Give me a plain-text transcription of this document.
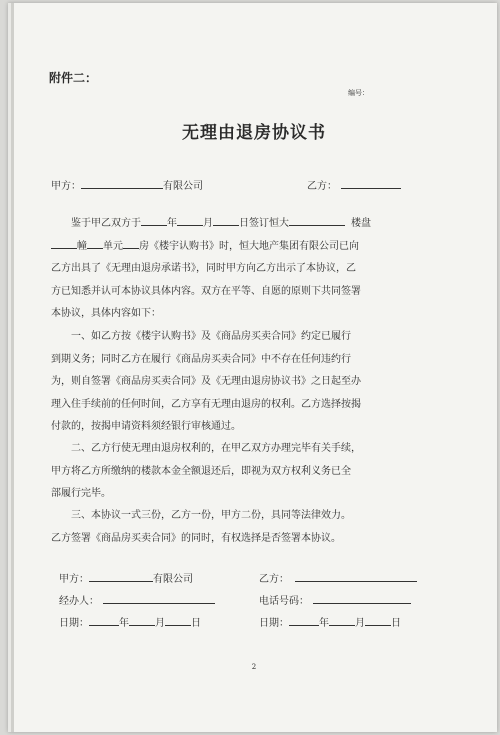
附件二：
编号：
无理由退房协议书
甲方：	有限公司	乙方：
鉴于甲乙双方于	年	月	日签订恒大	楼盘
幢 单元 房《楼宇认购书》时，恒大地产集团有限公司已向
乙方出具了《无理由退房承诺书》，同时甲方向乙方出示了本协议，乙
方已知悉并认可本协议具体内容。双方在平等、自愿的原则下共同签署
本协议，具体内容如下：
一、如乙方按《楼宇认购书》及《商品房买卖合同》约定已履行
到期义务；同时乙方在履行《商品房买卖合同》中不存在任何违约行
为，则自签署《商品房买卖合同》及《无理由退房协议书》之日起至办
理入住手续前的任何时间，乙方享有无理由退房的权利。乙方选择按揭
付款的，按揭申请资料须经银行审核通过。
二、乙方行使无理由退房权利的，在甲乙双方办理完毕有关手续，
甲方将乙方所缴纳的楼款本金全额退还后，即视为双方权利义务已全
部履行完毕。
三、本协议一式三份，乙方一份，甲方二份，具同等法律效力。
乙方签署《商品房买卖合同》的同时，有权选择是否签署本协议。
甲方：	有限公司	乙方：
经办人：	电话号码：
日期：	年	月	日	日期：	年	月	日
2
